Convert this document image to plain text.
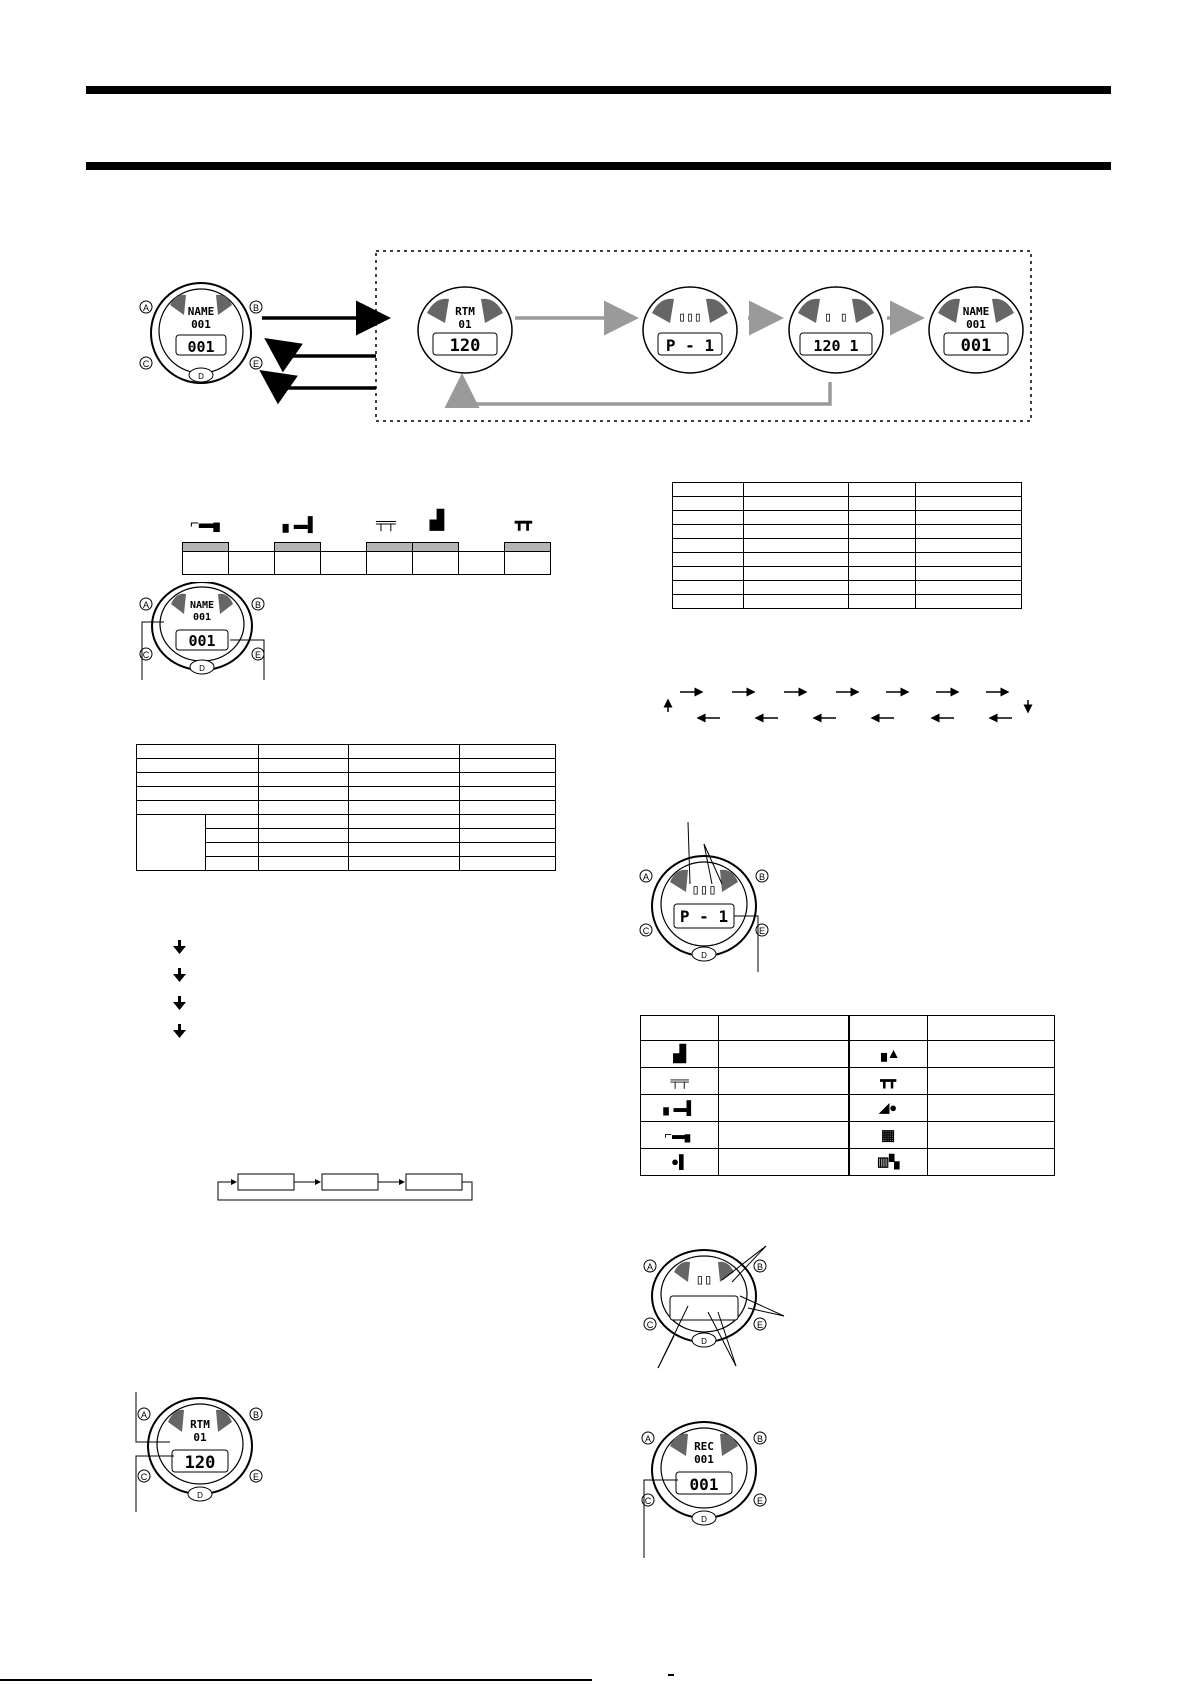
NAME
001
001
A	B
C	E
D
RTM
01
120
▯▯▯
P - 1
▯ ▯
120 1
NAME
001
001
⌐▬▖	▖▬▌	╤╤ ▟	┳┳

NAME
001
001
A	B
C	E
D

RTM
01
120
A	B
C	E
D

▯▯▯
P - 1
A	B
C	E
D

▟		▗▲	
╤╤		┳┳	
▖▬▌		◢●	
⌐▬▖		▦	
●▌		▥▚	
▯▯
A	B
C	E
D
REC
001
001
A	B
C	E
D
